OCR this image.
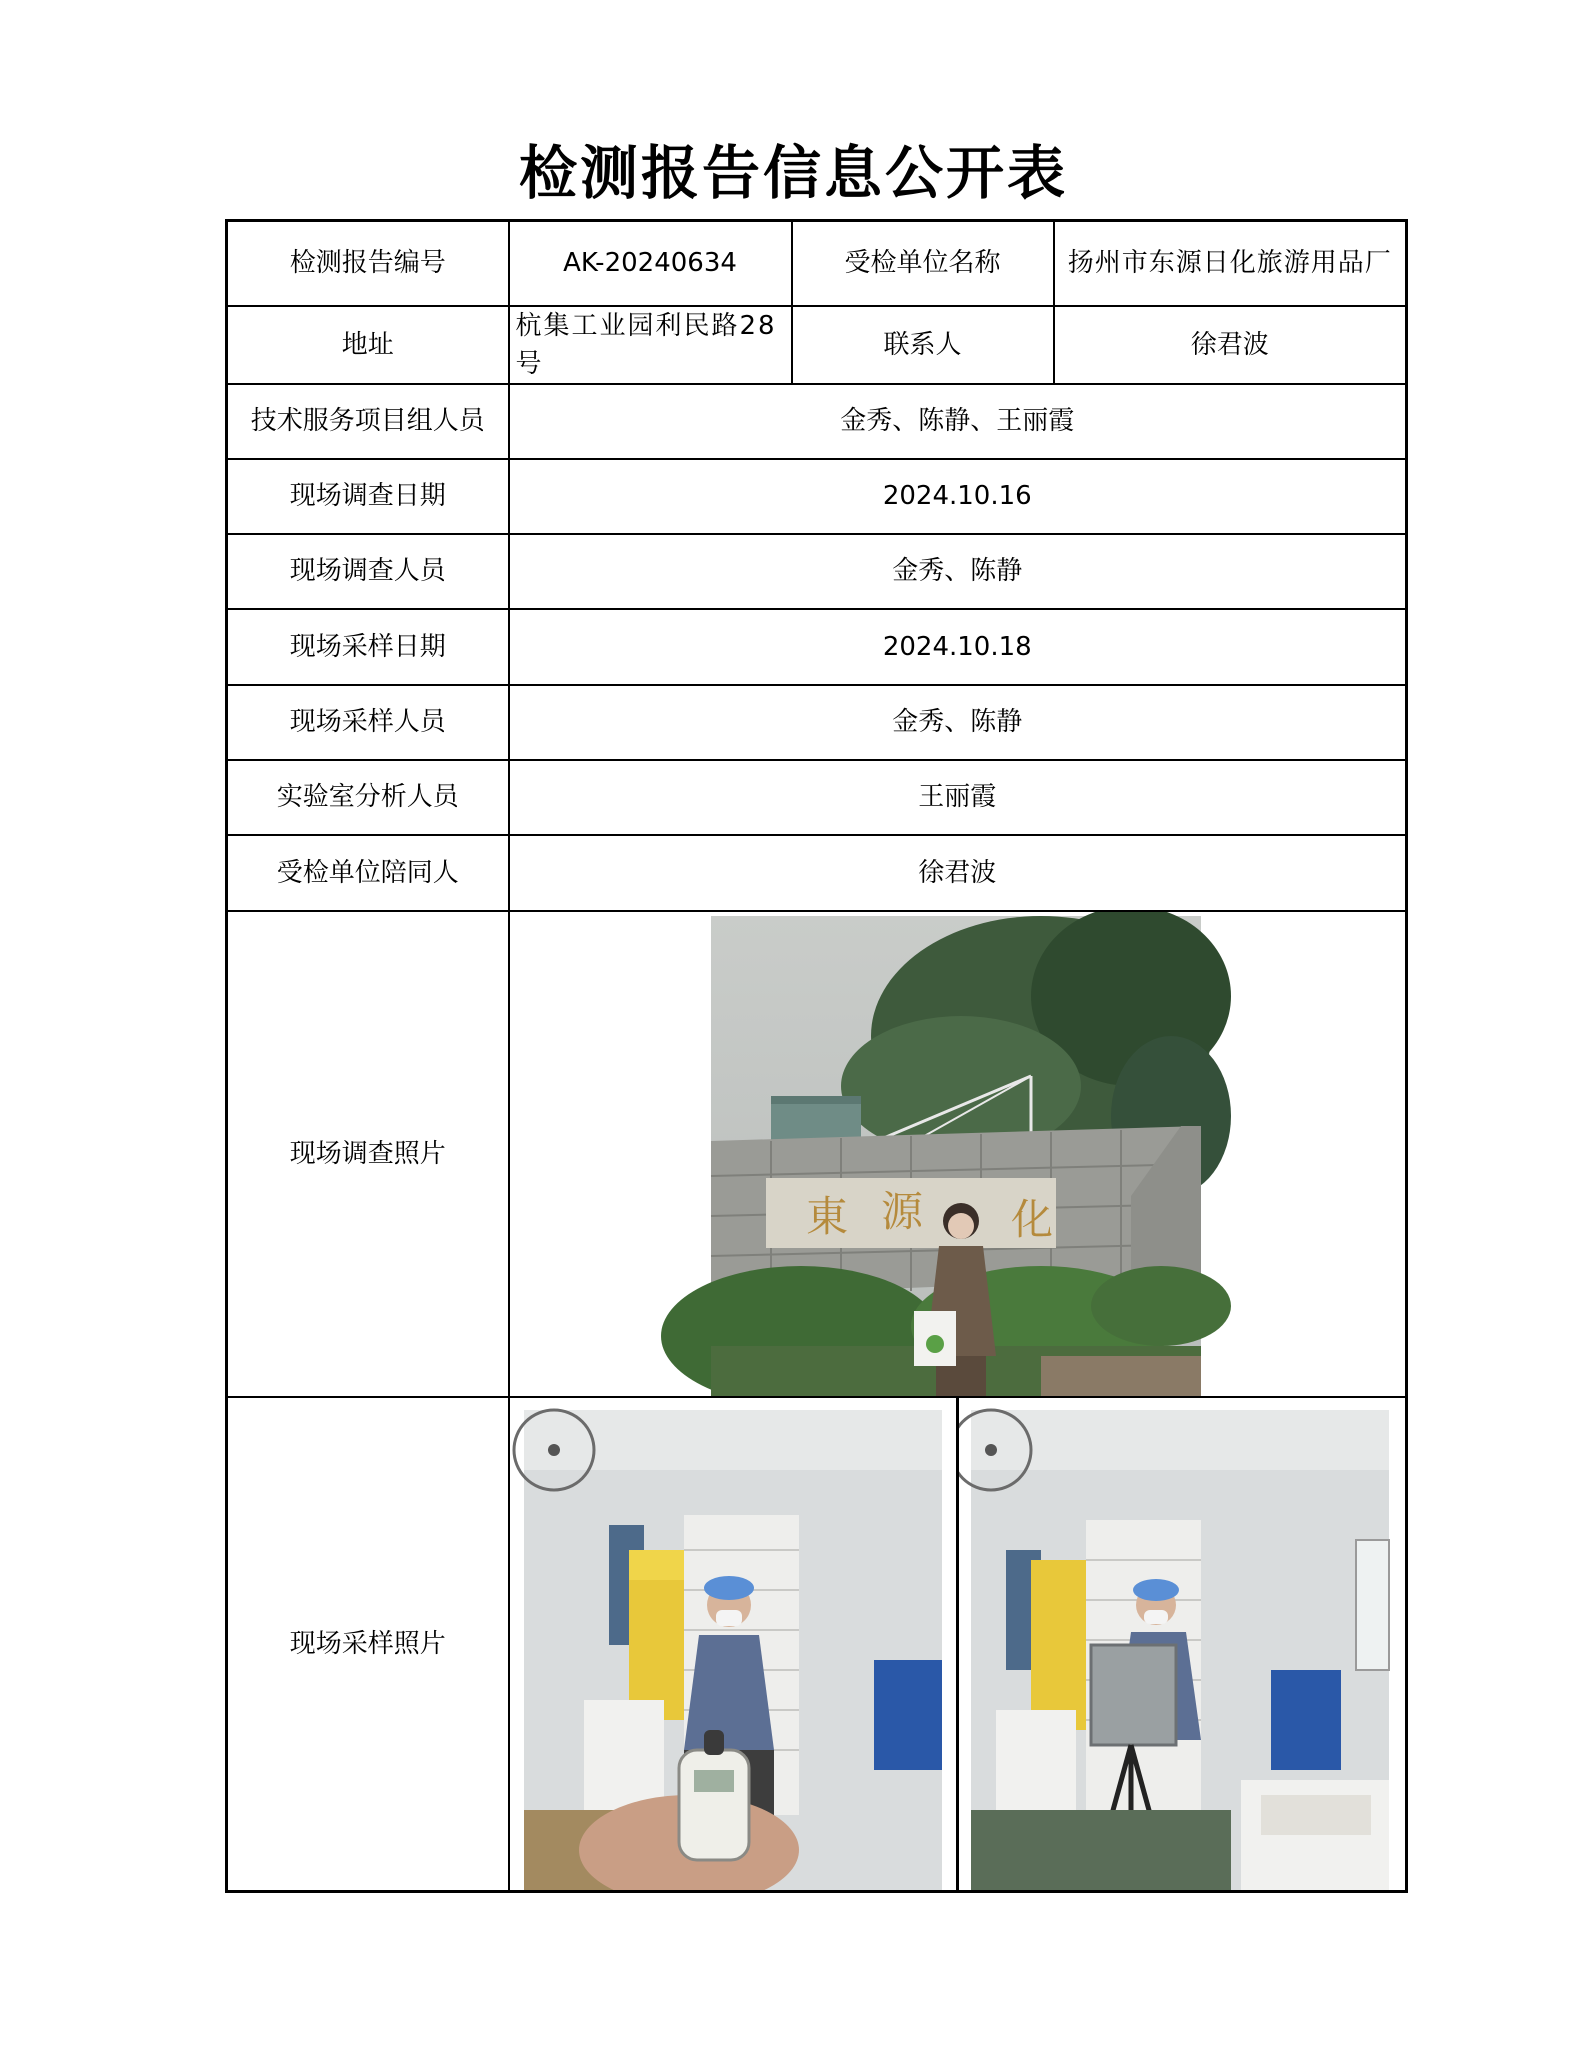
检测报告信息公开表
检测报告编号	AK-20240634	受检单位名称	扬州市东源日化旅游用品厂
地址	杭集工业园利民路28号	联系人	徐君波
技术服务项目组人员	金秀、陈静、王丽霞		
现场调查日期	2024.10.16		
现场调查人员	金秀、陈静		
现场采样日期	2024.10.18		
现场采样人员	金秀、陈静		
实验室分析人员	王丽霞		
受检单位陪同人	徐君波		
现场调查照片	東 源 化		

现场采样照片	
